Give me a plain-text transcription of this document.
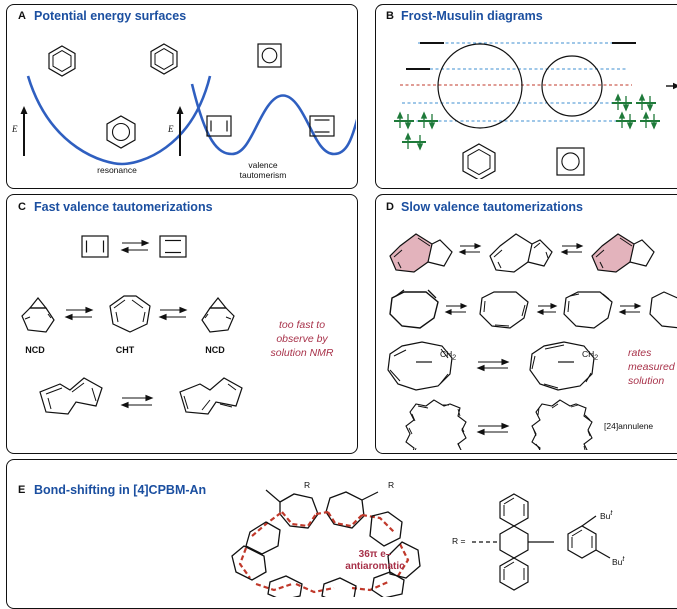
A Potential energy surfaces
E	E
resonance	valence
tautomerism
B Frost-Musulin diagrams
C Fast valence tautomerizations
NCD	CHT	NCD
too fast to
observe by
solution NMR
D Slow valence tautomerizations
$CH_2$	$CH_2$
[24]annulene
rates
measured
solution
E Bond-shifting in [4]CPBM-An	R	R
36π e–
antiaromatic
R =
$Bu^t$
Bu$^t$
